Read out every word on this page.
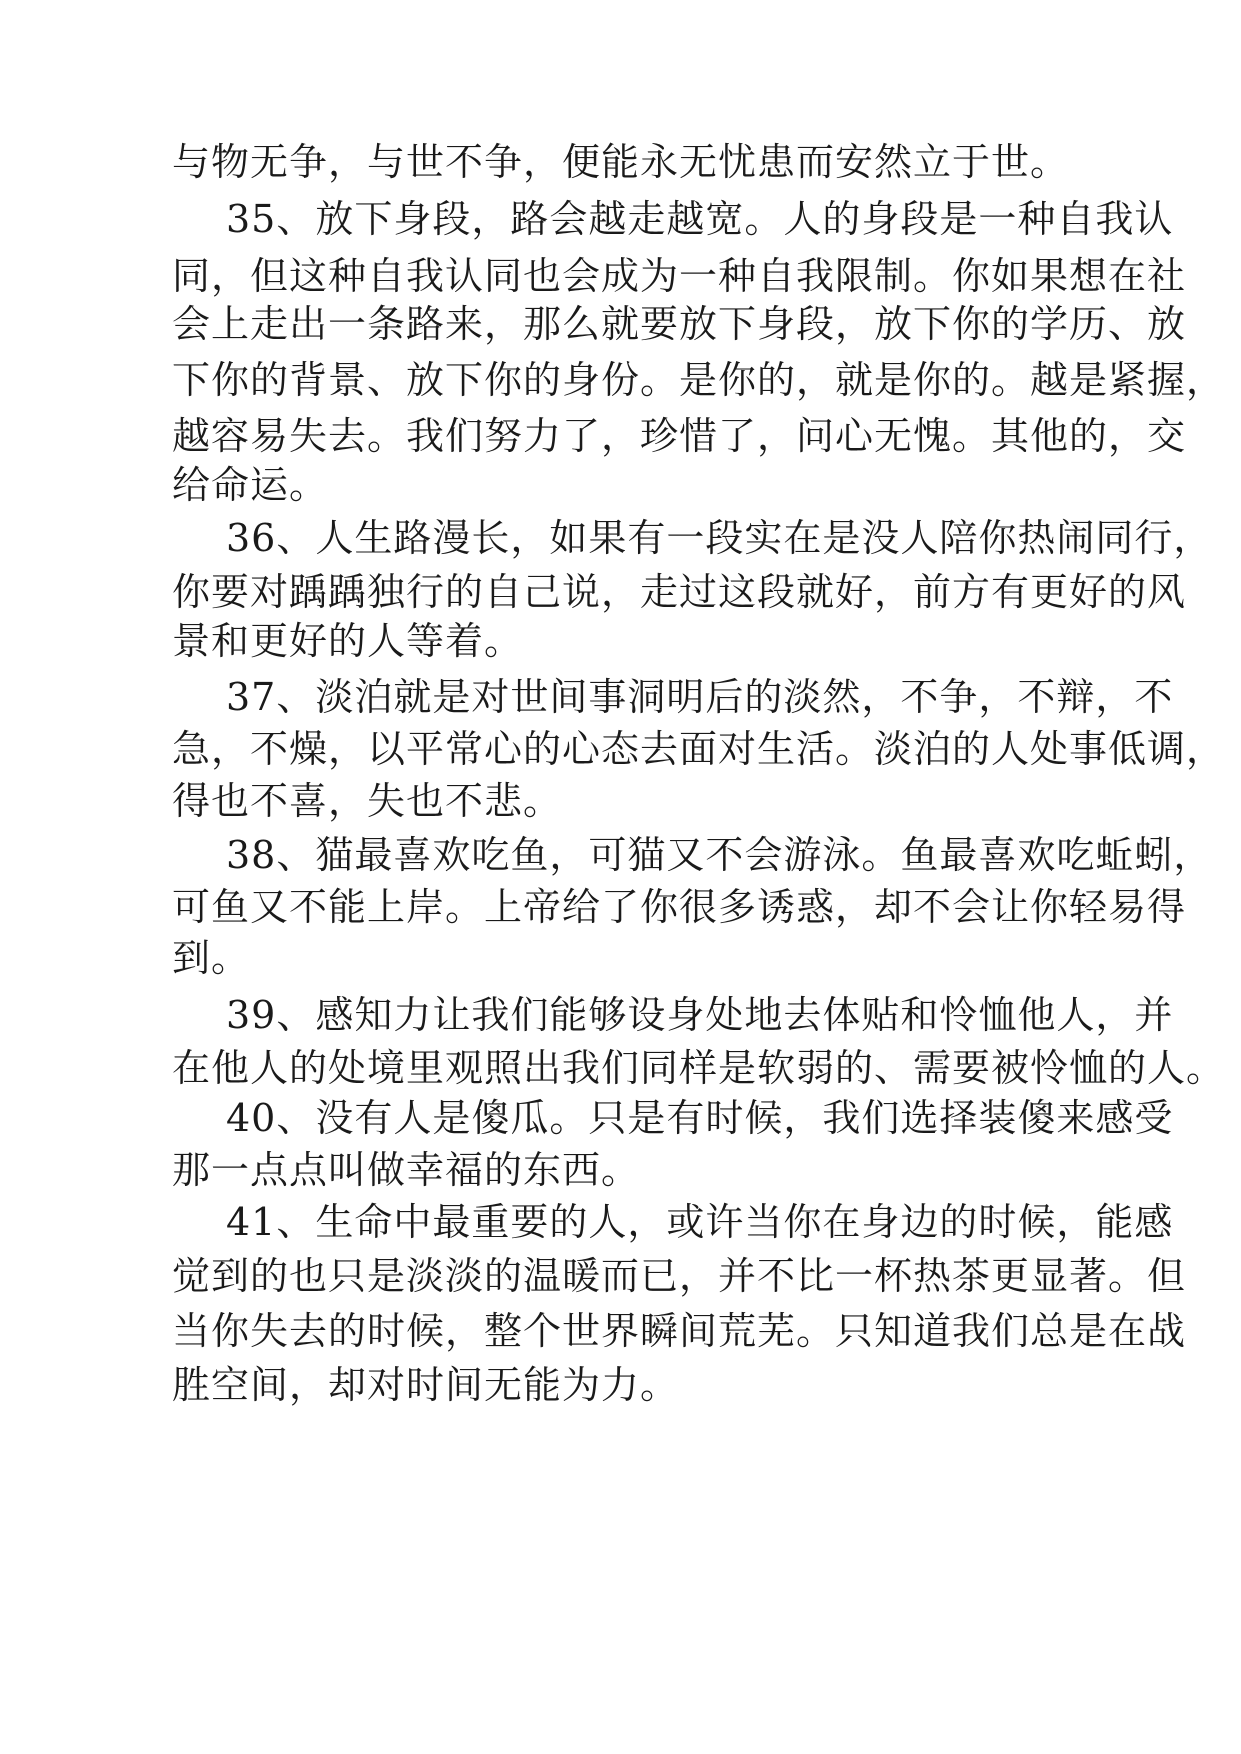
与物无争，与世不争，便能永无忧患而安然立于世。
35、放下身段，路会越走越宽。人的身段是一种自我认
同，但这种自我认同也会成为一种自我限制。你如果想在社
会上走出一条路来，那么就要放下身段，放下你的学历、放
下你的背景、放下你的身份。是你的，就是你的。越是紧握，
越容易失去。我们努力了，珍惜了，问心无愧。其他的，交
给命运。
36、人生路漫长，如果有一段实在是没人陪你热闹同行，
你要对踽踽独行的自己说，走过这段就好，前方有更好的风
景和更好的人等着。
37、淡泊就是对世间事洞明后的淡然，不争，不辩，不
急，不燥，以平常心的心态去面对生活。淡泊的人处事低调，
得也不喜，失也不悲。
38、猫最喜欢吃鱼，可猫又不会游泳。鱼最喜欢吃蚯蚓，
可鱼又不能上岸。上帝给了你很多诱惑，却不会让你轻易得
到。
39、感知力让我们能够设身处地去体贴和怜恤他人，并
在他人的处境里观照出我们同样是软弱的、需要被怜恤的人。
40、没有人是傻瓜。只是有时候，我们选择装傻来感受
那一点点叫做幸福的东西。
41、生命中最重要的人，或许当你在身边的时候，能感
觉到的也只是淡淡的温暖而已，并不比一杯热茶更显著。但
当你失去的时候，整个世界瞬间荒芜。只知道我们总是在战
胜空间，却对时间无能为力。
